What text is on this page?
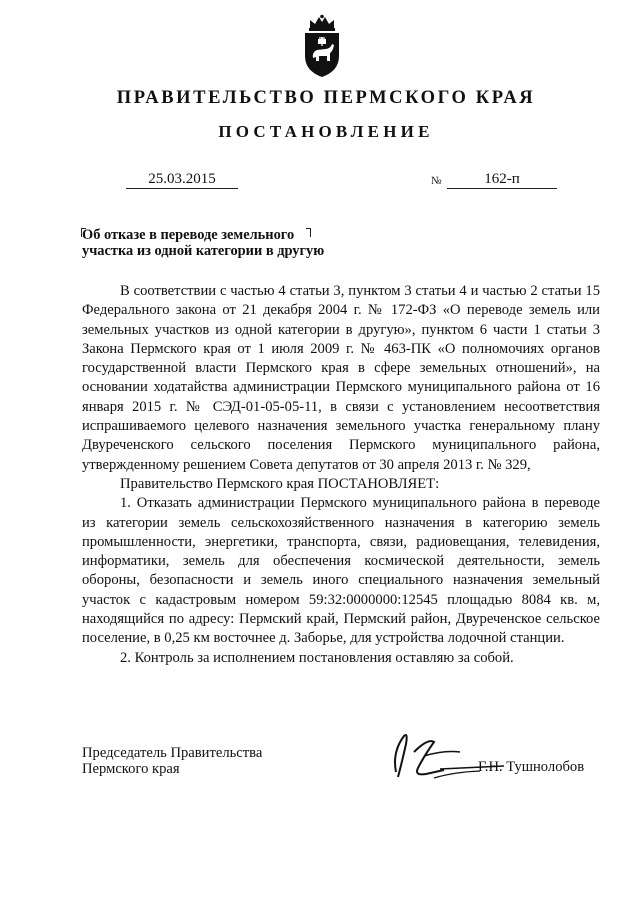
ПРАВИТЕЛЬСТВО ПЕРМСКОГО КРАЯ
ПОСТАНОВЛЕНИЕ
25.03.2015	№	162-п
Об отказе в переводе земельного
участка из одной категории в другую

В соответствии с частью 4 статьи 3, пунктом 3 статьи 4 и частью 2 статьи 15 Федерального закона от 21 декабря 2004 г. № 172-ФЗ «О переводе земель или земельных участков из одной категории в другую», пунктом 6 части 1 статьи 3 Закона Пермского края от 1 июля 2009 г. № 463-ПК «О полномочиях органов государственной власти Пермского края в сфере земельных отношений», на основании ходатайства администрации Пермского муниципального района от 16 января 2015 г. № СЭД-01-05-05-11, в связи с установлением несоответствия испрашиваемого целевого назначения земельного участка генеральному плану Двуреченского сельского поселения Пермского муниципального района, утвержденному решением Совета депутатов от 30 апреля 2013 г. № 329,

Правительство Пермского края ПОСТАНОВЛЯЕТ:

1. Отказать администрации Пермского муниципального района в переводе из категории земель сельскохозяйственного назначения в категорию земель промышленности, энергетики, транспорта, связи, радиовещания, телевидения, информатики, земель для обеспечения космической деятельности, земель обороны, безопасности и земель иного специального назначения земельный участок с кадастровым номером 59:32:0000000:12545 площадью 8084 кв. м, находящийся по адресу: Пермский край, Пермский район, Двуреченское сельское поселение, в 0,25 км восточнее д. Заборье, для устройства лодочной станции.

2. Контроль за исполнением постановления оставляю за собой.

Председатель Правительства
Пермского края	Г.Н. Тушнолобов
